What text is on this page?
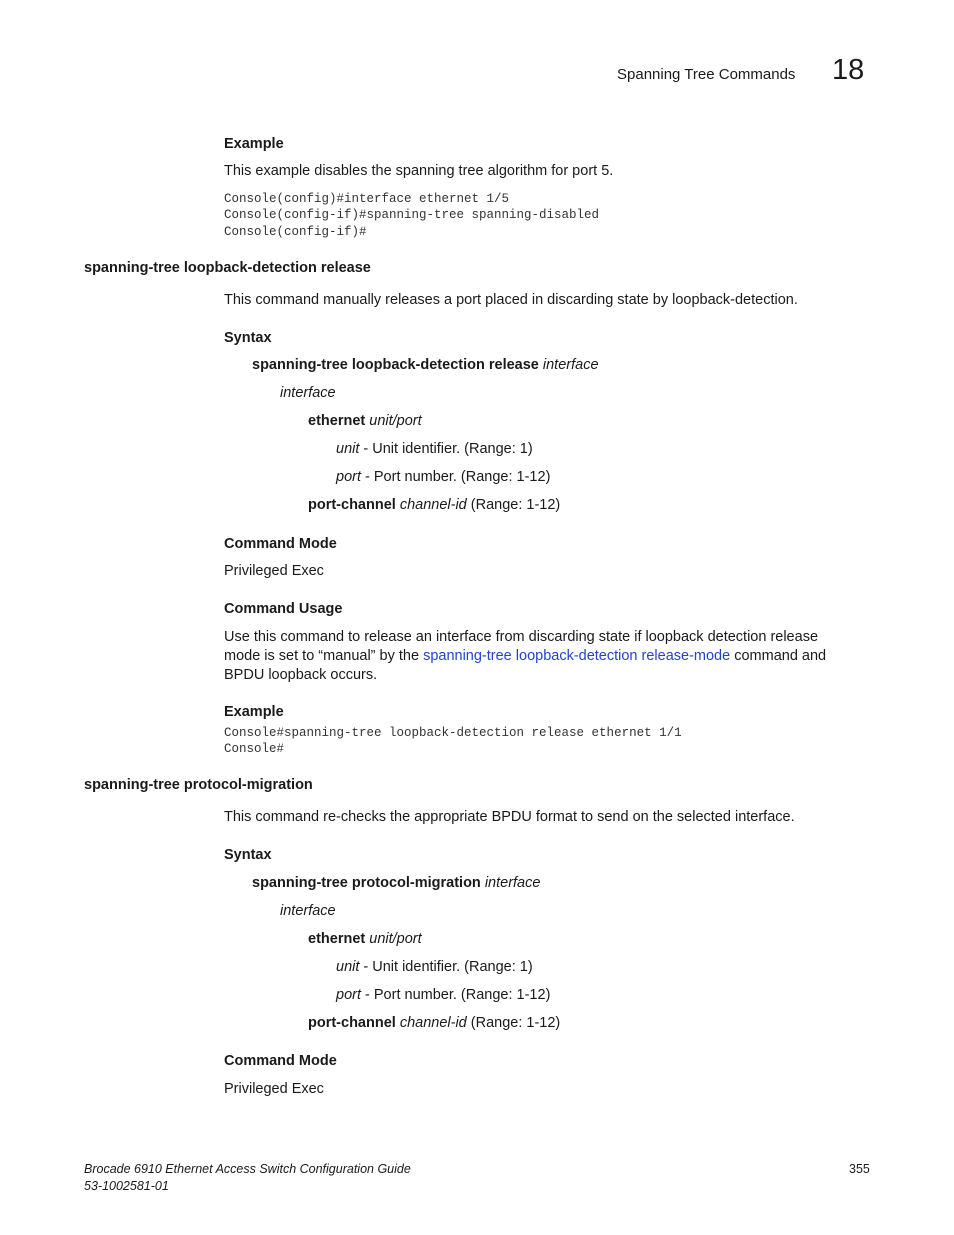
Spanning Tree Commands 18
Example
This example disables the spanning tree algorithm for port 5.
Console(config)#interface ethernet 1/5
Console(config-if)#spanning-tree spanning-disabled
Console(config-if)#
spanning-tree loopback-detection release
This command manually releases a port placed in discarding state by loopback-detection.
Syntax
spanning-tree loopback-detection release interface
interface
ethernet unit/port
unit - Unit identifier. (Range: 1)
port - Port number. (Range: 1-12)
port-channel channel-id (Range: 1-12)
Command Mode
Privileged Exec
Command Usage
Use this command to release an interface from discarding state if loopback detection release mode is set to “manual” by the spanning-tree loopback-detection release-mode command and BPDU loopback occurs.
Example
Console#spanning-tree loopback-detection release ethernet 1/1
Console#
spanning-tree protocol-migration
This command re-checks the appropriate BPDU format to send on the selected interface.
Syntax
spanning-tree protocol-migration interface
interface
ethernet unit/port
unit - Unit identifier. (Range: 1)
port - Port number. (Range: 1-12)
port-channel channel-id (Range: 1-12)
Command Mode
Privileged Exec
Brocade 6910 Ethernet Access Switch Configuration Guide
53-1002581-01
355
